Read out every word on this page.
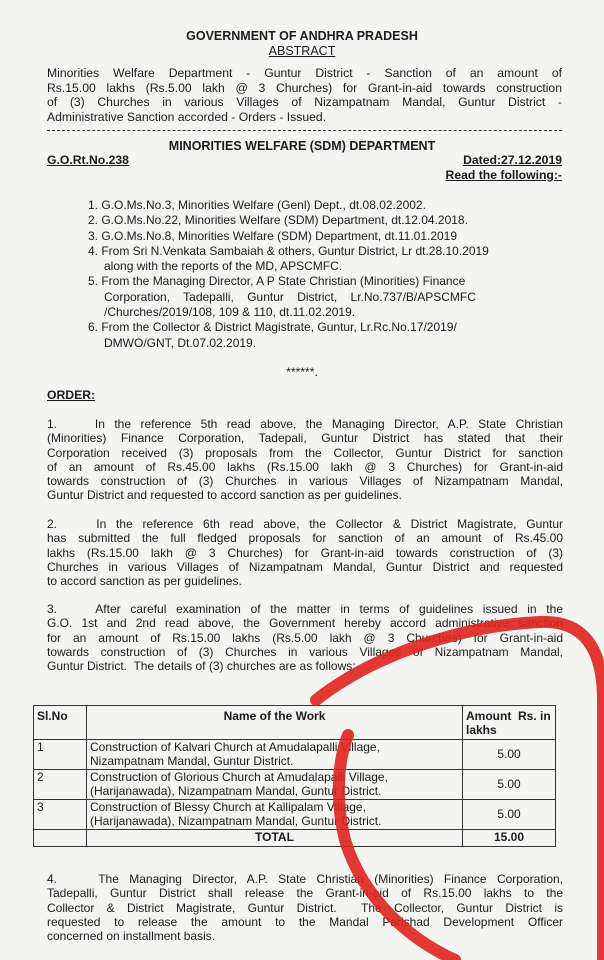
GOVERNMENT OF ANDHRA PRADESH
ABSTRACT
Minorities Welfare Department - Guntur District - Sanction of an amount of
Rs.15.00 lakhs (Rs.5.00 lakh @ 3 Churches) for Grant-in-aid towards construction
of (3) Churches in various Villages of Nizampatnam Mandal, Guntur District -
Administrative Sanction accorded - Orders - Issued.
MINORITIES WELFARE (SDM) DEPARTMENT
G.O.Rt.No.238	Dated:27.12.2019
Read the following:-
1. G.O.Ms.No.3, Minorities Welfare (Genl) Dept., dt.08.02.2002.
2. G.O.Ms.No.22, Minorities Welfare (SDM) Department, dt.12.04.2018.
3. G.O.Ms.No.8, Minorities Welfare (SDM) Department, dt.11.01.2019
4. From Sri N.Venkata Sambaiah & others, Guntur District, Lr dt.28.10.2019
along with the reports of the MD, APSCMFC.
5. From the Managing Director, A P State Christian (Minorities) Finance
Corporation,    Tadepalli,    Guntur    District,    Lr.No.737/B/APSCMFC
/Churches/2019/108, 109 & 110, dt.11.02.2019.
6. From the Collector & District Magistrate, Guntur, Lr.Rc.No.17/2019/
DMWO/GNT, Dt.07.02.2019.
******.
ORDER:
1.    In the reference 5th read above, the Managing Director, A.P. State Christian
(Minorities) Finance Corporation, Tadepali, Guntur District has stated that their
Corporation received (3) proposals from the Collector, Guntur District for sanction
of an amount of Rs.45.00 lakhs (Rs.15.00 lakh @ 3 Churches) for Grant-in-aid
towards construction of (3) Churches in various Villages of Nizampatnam Mandal,
Guntur District and requested to accord sanction as per guidelines.
2.    In the reference 6th read above, the Collector & District Magistrate, Guntur
has submitted the full fledged proposals for sanction of an amount of Rs.45.00
lakhs (Rs.15.00 lakh @ 3 Churches) for Grant-in-aid towards construction of (3)
Churches in various Villages of Nizampatnam Mandal, Guntur District and requested
to accord sanction as per guidelines.
3.    After careful examination of the matter in terms of guidelines issued in the
G.O. 1st and 2nd read above, the Government hereby accord administrative sanction
for an amount of Rs.15.00 lakhs (Rs.5.00 lakh @ 3 Churches) for Grant-in-aid
towards construction of (3) Churches in various Villages of Nizampatnam Mandal,
Guntur District.  The details of (3) churches are as follows:-
Sl.No	Name of the Work	Amount  Rs. in lakhs
1	Construction of Kalvari Church at Amudalapalli Village,
Nizampatnam Mandal, Guntur District.	5.00
2	Construction of Glorious Church at Amudalapalli Village,
(Harijanawada), Nizampatnam Mandal, Guntur District.	5.00
3	Construction of Blessy Church at Kallipalam Village,
(Harijanawada), Nizampatnam Mandal, Guntur District.	5.00
	TOTAL	15.00
4.    The Managing Director, A.P. State Christian (Minorities) Finance Corporation,
Tadepalli, Guntur District shall release the Grant-in-aid of Rs.15.00 lakhs to the
Collector & District Magistrate, Guntur District.  The Collector, Guntur District is
requested to release the amount to the Mandal Parishad Development Officer
concerned on installment basis.
